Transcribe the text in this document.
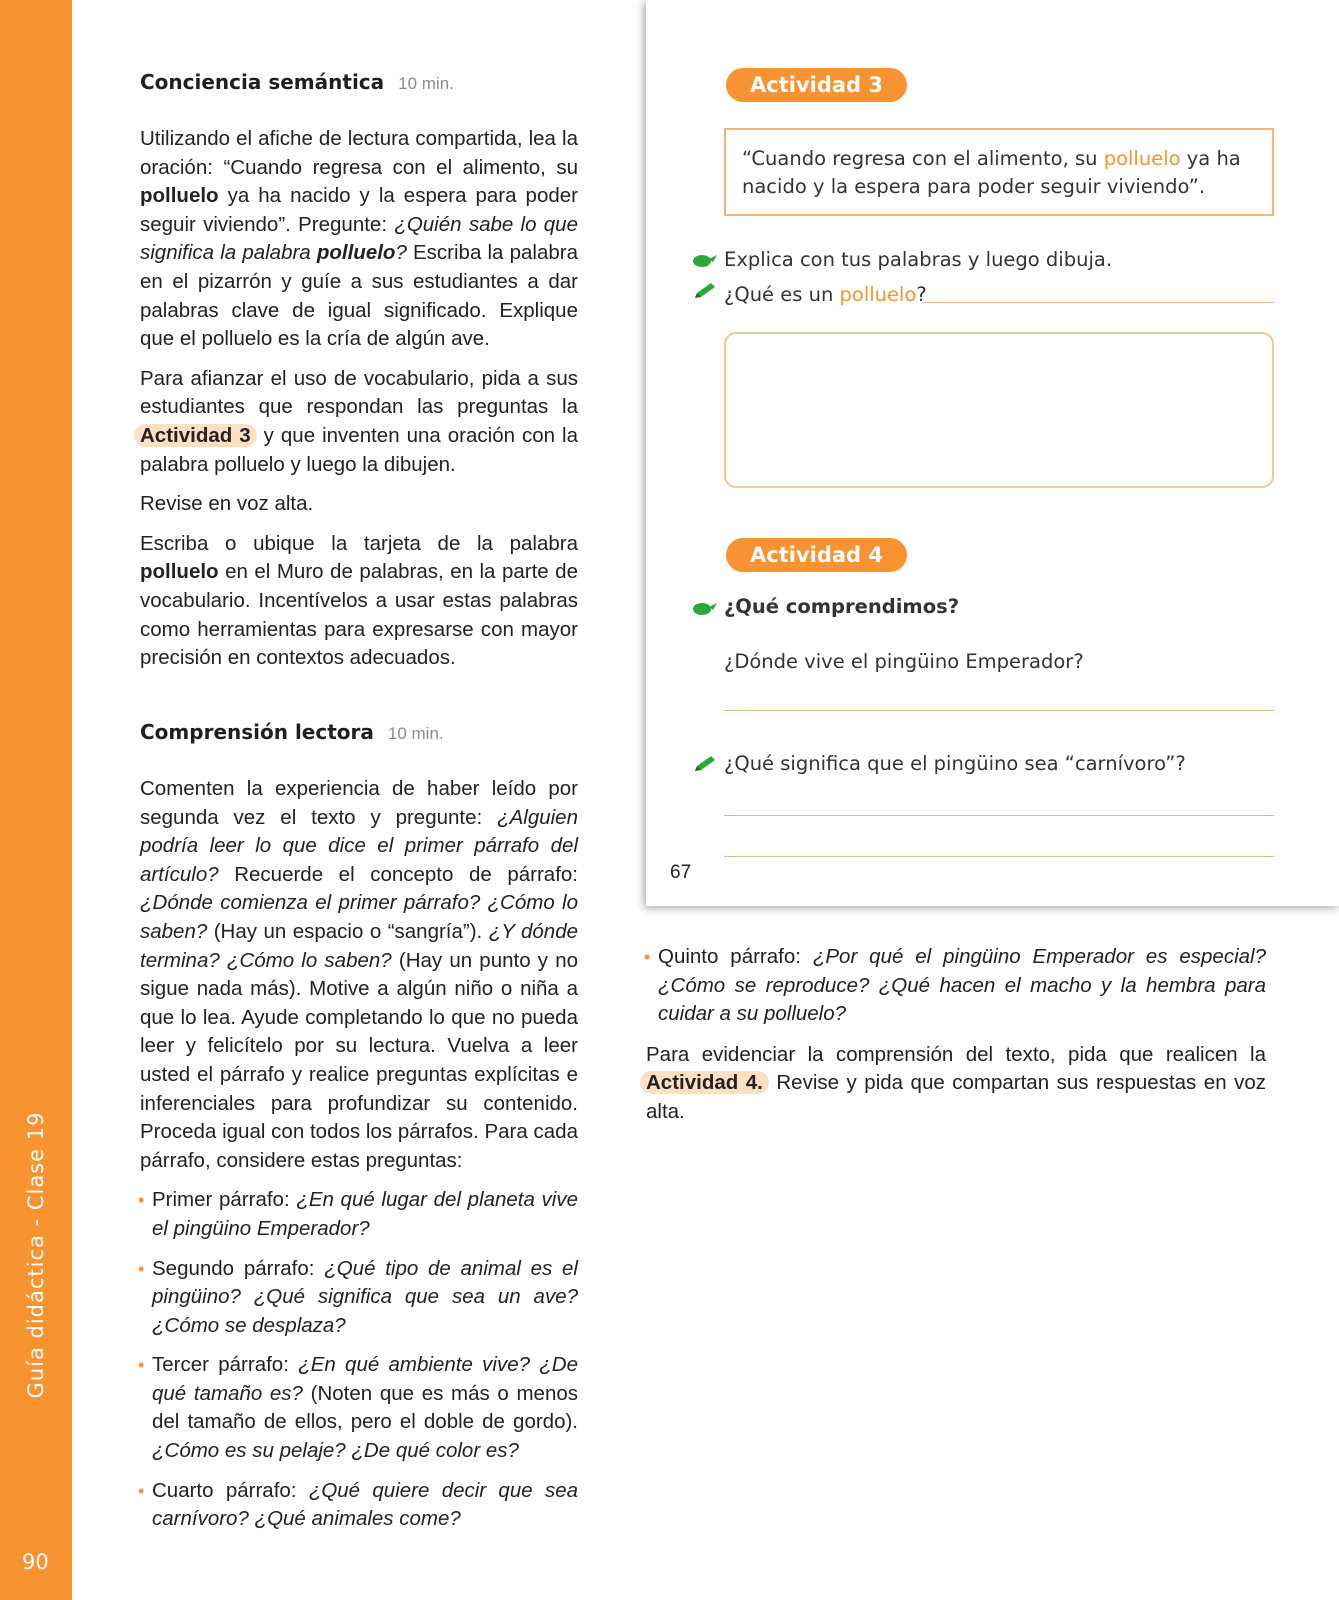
Guía didáctica - Clase 19
90
Conciencia semántica 10 min.

Utilizando el afiche de lectura compartida, lea la oración: “Cuando regresa con el alimento, su polluelo ya ha nacido y la espera para poder seguir viviendo”. Pregunte: ¿Quién sabe lo que significa la palabra polluelo? Escriba la palabra en el pizarrón y guíe a sus estudiantes a dar palabras clave de igual significado. Explique que el polluelo es la cría de algún ave.

Para afianzar el uso de vocabulario, pida a sus estudiantes que respondan las preguntas la Actividad 3 y que inventen una oración con la palabra polluelo y luego la dibujen.

Revise en voz alta.

Escriba o ubique la tarjeta de la palabra polluelo en el Muro de palabras, en la parte de vocabulario. Incentívelos a usar estas palabras como herramientas para expresarse con mayor precisión en contextos adecuados.

Comprensión lectora 10 min.

Comenten la experiencia de haber leído por segunda vez el texto y pregunte: ¿Alguien podría leer lo que dice el primer párrafo del artículo? Recuerde el concepto de párrafo: ¿Dónde comienza el primer párrafo? ¿Cómo lo saben? (Hay un espacio o “sangría”). ¿Y dónde termina? ¿Cómo lo saben? (Hay un punto y no sigue nada más). Motive a algún niño o niña a que lo lea. Ayude completando lo que no pueda leer y felicítelo por su lectura. Vuelva a leer usted el párrafo y realice preguntas explícitas e inferenciales para profundizar su contenido. Proceda igual con todos los párrafos. Para cada párrafo, considere estas preguntas:

• Primer párrafo: ¿En qué lugar del planeta vive el pingüino Emperador?

• Segundo párrafo: ¿Qué tipo de animal es el pingüino? ¿Qué significa que sea un ave? ¿Cómo se desplaza?

• Tercer párrafo: ¿En qué ambiente vive? ¿De qué tamaño es? (Noten que es más o menos del tamaño de ellos, pero el doble de gordo). ¿Cómo es su pelaje? ¿De qué color es?

• Cuarto párrafo: ¿Qué quiere decir que sea carnívoro? ¿Qué animales come?

Actividad 3
“Cuando regresa con el alimento, su polluelo ya ha nacido y la espera para poder seguir viviendo”.
Explica con tus palabras y luego dibuja.
¿Qué es un polluelo?
Actividad 4
¿Qué comprendimos?
¿Dónde vive el pingüino Emperador?
¿Qué significa que el pingüino sea “carnívoro”?
67

• Quinto párrafo: ¿Por qué el pingüino Emperador es especial? ¿Cómo se reproduce? ¿Qué hacen el macho y la hembra para cuidar a su polluelo?

Para evidenciar la comprensión del texto, pida que realicen la Actividad 4. Revise y pida que compartan sus respuestas en voz alta.
